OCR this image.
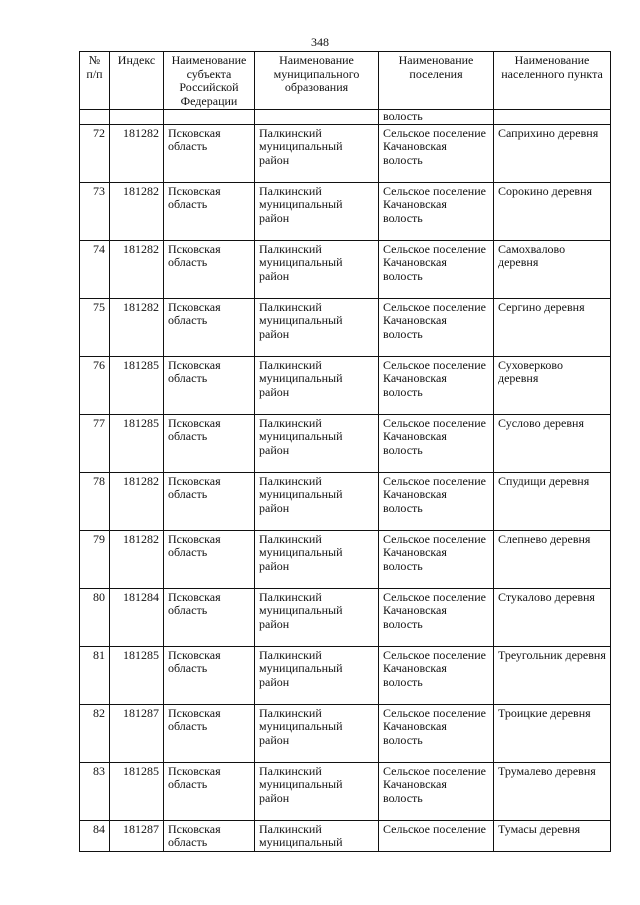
348
№ п/п	Индекс	Наименование субъекта Российской Федерации	Наименование муниципального образования	Наименование поселения	Наименование населенного пункта
				волость	
72	181282	Псковская область	Палкинский муниципальный район	Сельское поселение Качановская волость	Саприхино деревня
73	181282	Псковская область	Палкинский муниципальный район	Сельское поселение Качановская волость	Сорокино деревня
74	181282	Псковская область	Палкинский муниципальный район	Сельское поселение Качановская волость	Самохвалово деревня
75	181282	Псковская область	Палкинский муниципальный район	Сельское поселение Качановская волость	Сергино деревня
76	181285	Псковская область	Палкинский муниципальный район	Сельское поселение Качановская волость	Суховерково деревня
77	181285	Псковская область	Палкинский муниципальный район	Сельское поселение Качановская волость	Суслово деревня
78	181282	Псковская область	Палкинский муниципальный район	Сельское поселение Качановская волость	Спудищи деревня
79	181282	Псковская область	Палкинский муниципальный район	Сельское поселение Качановская волость	Слепнево деревня
80	181284	Псковская область	Палкинский муниципальный район	Сельское поселение Качановская волость	Стукалово деревня
81	181285	Псковская область	Палкинский муниципальный район	Сельское поселение Качановская волость	Треугольник деревня
82	181287	Псковская область	Палкинский муниципальный район	Сельское поселение Качановская волость	Троицкие деревня
83	181285	Псковская область	Палкинский муниципальный район	Сельское поселение Качановская волость	Трумалево деревня
84	181287	Псковская область	Палкинский муниципальный	Сельское поселение	Тумасы деревня
